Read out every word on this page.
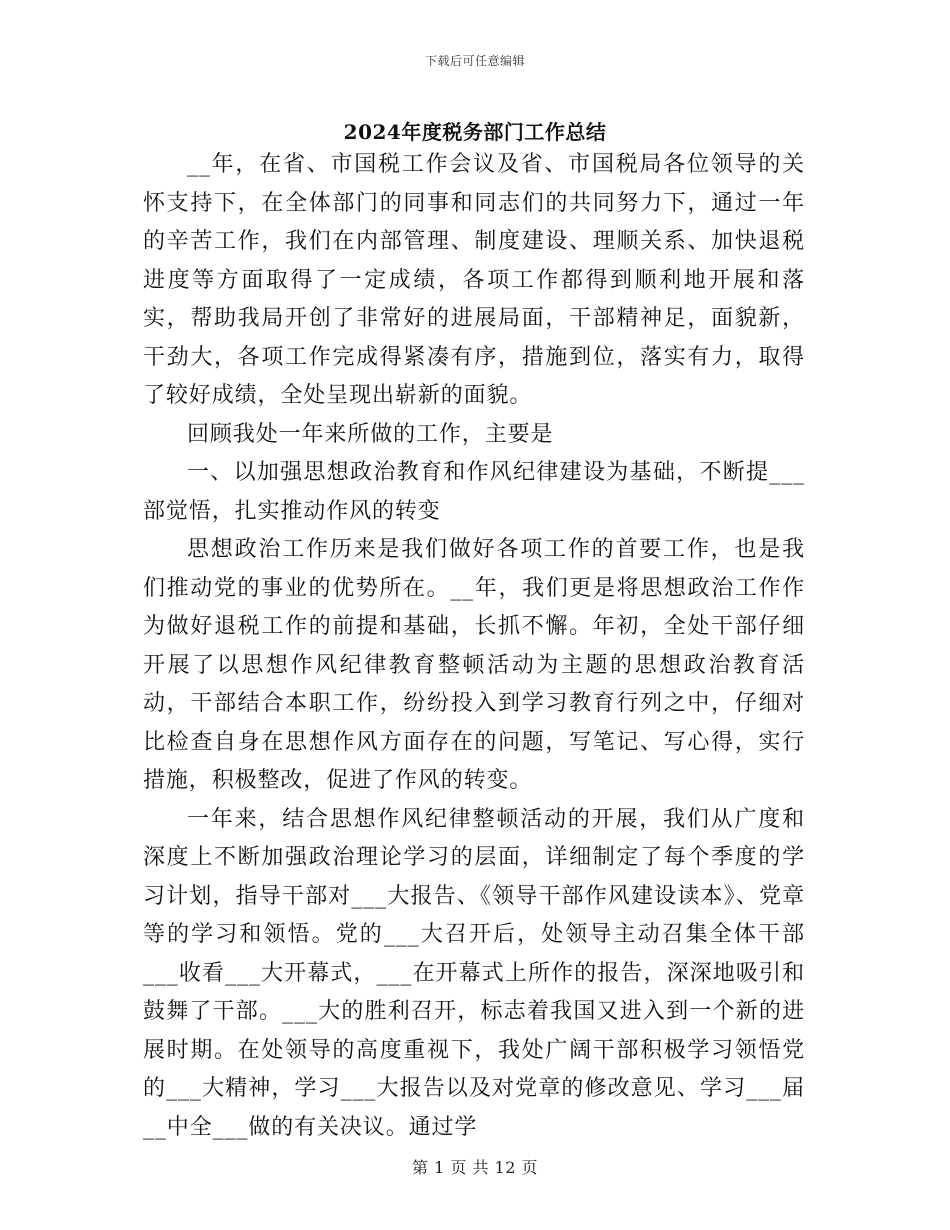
下载后可任意编辑
2024年度税务部门工作总结

__年，在省、市国税工作会议及省、市国税局各位领导的关怀支持下，在全体部门的同事和同志们的共同努力下，通过一年的辛苦工作，我们在内部管理、制度建设、理顺关系、加快退税进度等方面取得了一定成绩，各项工作都得到顺利地开展和落实，帮助我局开创了非常好的进展局面，干部精神足，面貌新，干劲大，各项工作完成得紧凑有序，措施到位，落实有力，取得了较好成绩，全处呈现出崭新的面貌。

回顾我处一年来所做的工作，主要是

一、以加强思想政治教育和作风纪律建设为基础，不断提___部觉悟，扎实推动作风的转变

思想政治工作历来是我们做好各项工作的首要工作，也是我们推动党的事业的优势所在。__年，我们更是将思想政治工作作为做好退税工作的前提和基础，长抓不懈。年初，全处干部仔细开展了以思想作风纪律教育整顿活动为主题的思想政治教育活动，干部结合本职工作，纷纷投入到学习教育行列之中，仔细对比检查自身在思想作风方面存在的问题，写笔记、写心得，实行措施，积极整改，促进了作风的转变。

一年来，结合思想作风纪律整顿活动的开展，我们从广度和深度上不断加强政治理论学习的层面，详细制定了每个季度的学习计划，指导干部对___大报告、《领导干部作风建设读本》、党章等的学习和领悟。党的___大召开后，处领导主动召集全体干部___收看___大开幕式，___在开幕式上所作的报告，深深地吸引和鼓舞了干部。___大的胜利召开，标志着我国又进入到一个新的进展时期。在处领导的高度重视下，我处广阔干部积极学习领悟党的___大精神，学习___大报告以及对党章的修改意见、学习___届__中全___做的有关决议。通过学

第 1 页 共 12 页
